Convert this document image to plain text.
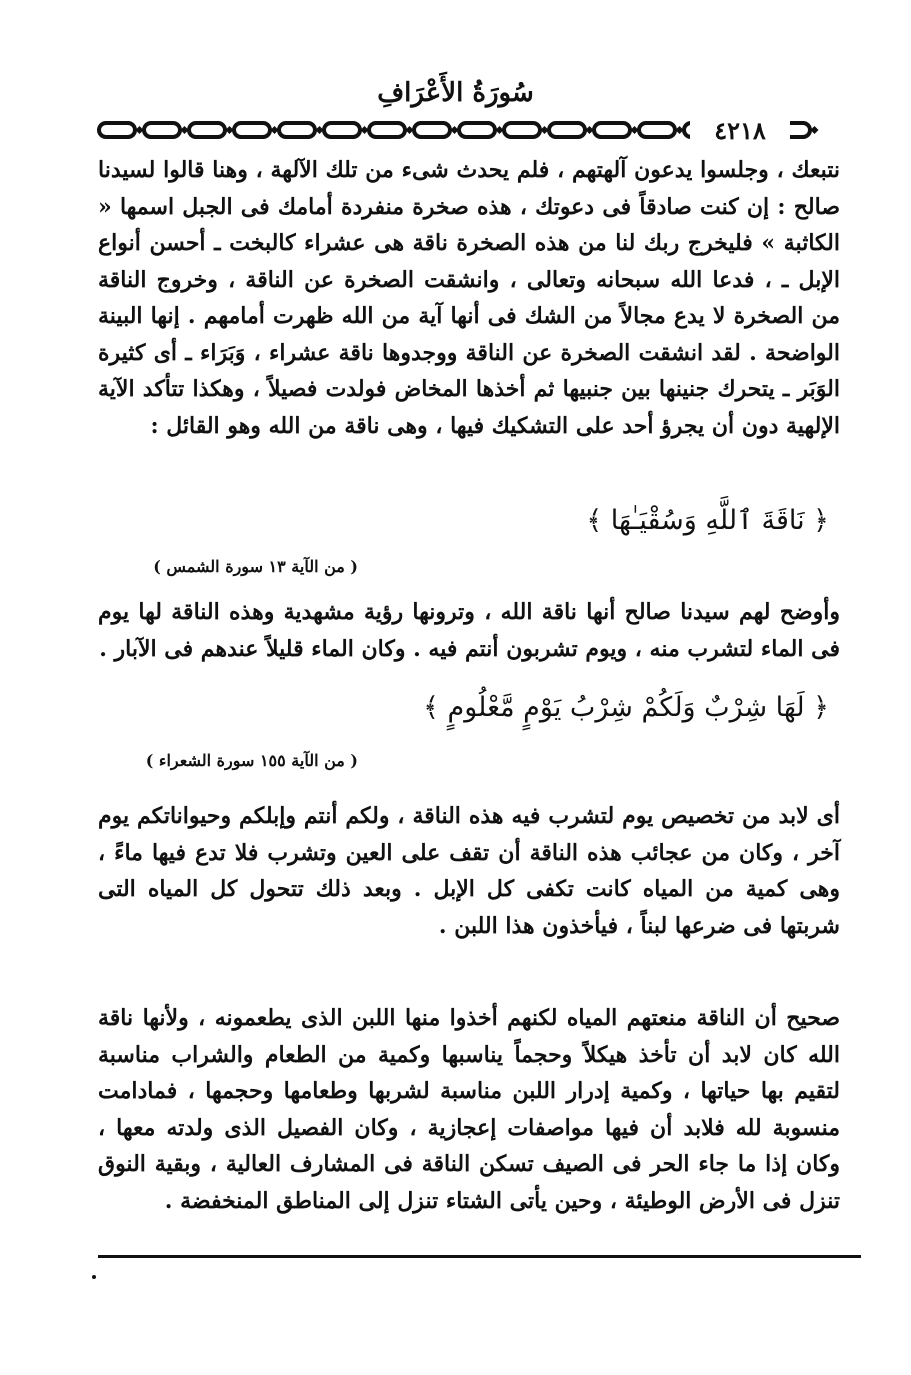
سُورَةُ الأَعْرَافِ
٤٢١٨

نتبعك ، وجلسوا يدعون آلهتهم ، فلم يحدث شىء من تلك الآلهة ، وهنا قالوا لسيدنا صالح : إن كنت صادقاً فى دعوتك ، هذه صخرة منفردة أمامك فى الجبل اسمها « الكاثبة » فليخرج ربك لنا من هذه الصخرة ناقة هى عشراء كالبخت ـ أحسن أنواع الإبل ـ ، فدعا الله سبحانه وتعالى ، وانشقت الصخرة عن الناقة ، وخروج الناقة من الصخرة لا يدع مجالاً من الشك فى أنها آية من الله ظهرت أمامهم . إنها البينة الواضحة . لقد انشقت الصخرة عن الناقة ووجدوها ناقة عشراء ، وَبَرَاء ـ أى كثيرة الوَبَر ـ يتحرك جنينها بين جنبيها ثم أخذها المخاض فولدت فصيلاً ، وهكذا تتأكد الآية الإلهية دون أن يجرؤ أحد على التشكيك فيها ، وهى ناقة من الله وهو القائل :

﴿ نَاقَةَ ٱللَّهِ وَسُقْيَـٰهَا ﴾
( من الآية ١٣ سورة الشمس )

وأوضح لهم سيدنا صالح أنها ناقة الله ، وترونها رؤية مشهدية وهذه الناقة لها يوم فى الماء لتشرب منه ، ويوم تشربون أنتم فيه . وكان الماء قليلاً عندهم فى الآبار .

﴿ لَهَا شِرْبٌ وَلَكُمْ شِرْبُ يَوْمٍ مَّعْلُومٍ ﴾
( من الآية ١٥٥ سورة الشعراء )

أى لابد من تخصيص يوم لتشرب فيه هذه الناقة ، ولكم أنتم وإبلكم وحيواناتكم يوم آخر ، وكان من عجائب هذه الناقة أن تقف على العين وتشرب فلا تدع فيها ماءً ، وهى كمية من المياه كانت تكفى كل الإبل . وبعد ذلك تتحول كل المياه التى شربتها فى ضرعها لبناً ، فيأخذون هذا اللبن .

صحيح أن الناقة منعتهم المياه لكنهم أخذوا منها اللبن الذى يطعمونه ، ولأنها ناقة الله كان لابد أن تأخذ هيكلاً وحجماً يناسبها وكمية من الطعام والشراب مناسبة لتقيم بها حياتها ، وكمية إدرار اللبن مناسبة لشربها وطعامها وحجمها ، فمادامت منسوبة لله فلابد أن فيها مواصفات إعجازية ، وكان الفصيل الذى ولدته معها ، وكان إذا ما جاء الحر فى الصيف تسكن الناقة فى المشارف العالية ، وبقية النوق تنزل فى الأرض الوطيئة ، وحين يأتى الشتاء تنزل إلى المناطق المنخفضة .
